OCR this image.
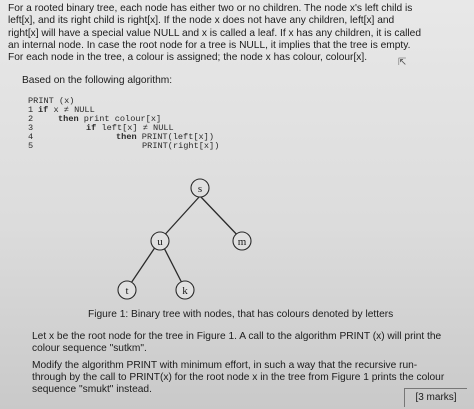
For a rooted binary tree, each node has either two or no children. The node x's left child is
left[x], and its right child is right[x]. If the node x does not have any children, left[x] and
right[x] will have a special value NULL and x is called a leaf. If x has any children, it is called
an internal node. In case the root node for a tree is NULL, it implies that the tree is empty.
For each node in the tree, a colour is assigned; the node x has colour, colour[x].	⇱
Based on the following algorithm:
PRINT (x)
1
2
3
4
5
if x ≠ NULL
then print colour[x]
if left[x] ≠ NULL
then PRINT(left[x])
PRINT(right[x])
s
u	m
t	k
Figure 1: Binary tree with nodes, that has colours denoted by letters
Let x be the root node for the tree in Figure 1. A call to the algorithm PRINT (x) will print the
colour sequence "sutkm".
Modify the algorithm PRINT with minimum effort, in such a way that the recursive run-
through by the call to PRINT(x) for the root node x in the tree from Figure 1 prints the colour
sequence "smukt" instead.
[3 marks]
